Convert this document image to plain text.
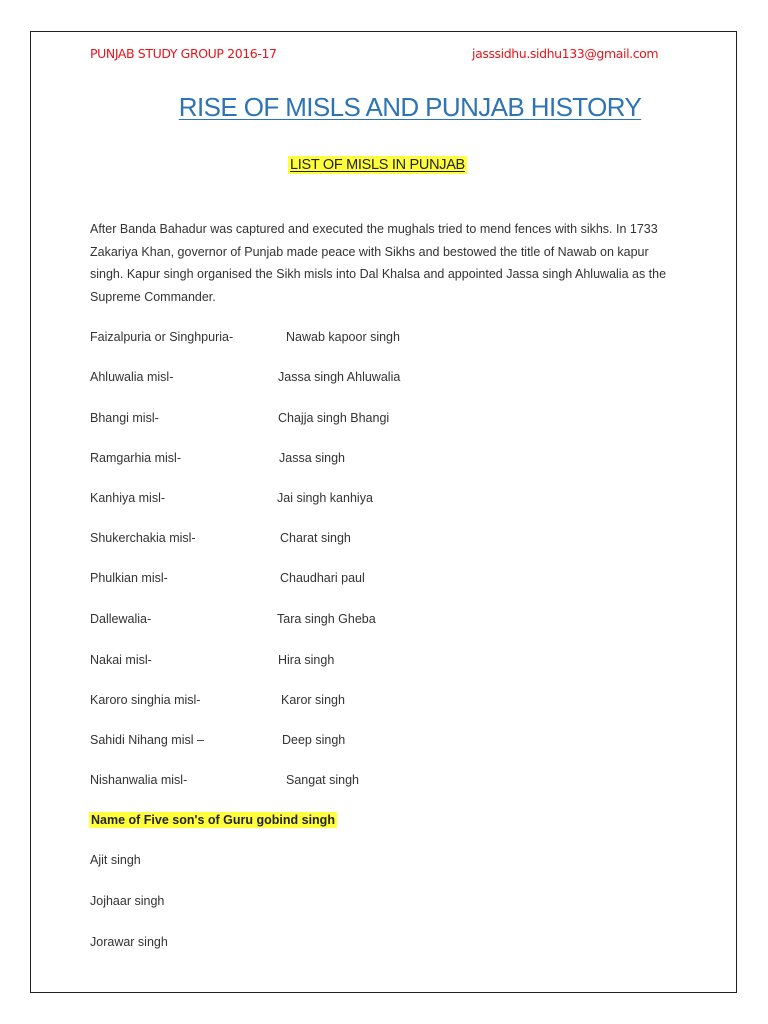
PUNJAB STUDY GROUP 2016-17	jasssidhu.sidhu133@gmail.com
RISE OF MISLS AND PUNJAB HISTORY
LIST OF MISLS IN PUNJAB
After Banda Bahadur was captured and executed the mughals tried to mend fences with sikhs. In 1733 Zakariya Khan, governor of Punjab made peace with Sikhs and bestowed the title of Nawab on kapur singh. Kapur singh organised the Sikh misls into Dal Khalsa and appointed Jassa singh Ahluwalia as the Supreme Commander.
Faizalpuria or Singhpuria-	Nawab kapoor singh
Ahluwalia misl-	Jassa singh Ahluwalia
Bhangi misl-	Chajja singh Bhangi
Ramgarhia misl-	Jassa singh
Kanhiya misl-	Jai singh kanhiya
Shukerchakia misl-	Charat singh
Phulkian misl-	Chaudhari paul
Dallewalia-	Tara singh Gheba
Nakai misl-	Hira singh
Karoro singhia misl-	Karor singh
Sahidi Nihang misl –	Deep singh
Nishanwalia misl-	Sangat singh
Name of Five son's of Guru gobind singh
Ajit singh
Jojhaar singh
Jorawar singh
